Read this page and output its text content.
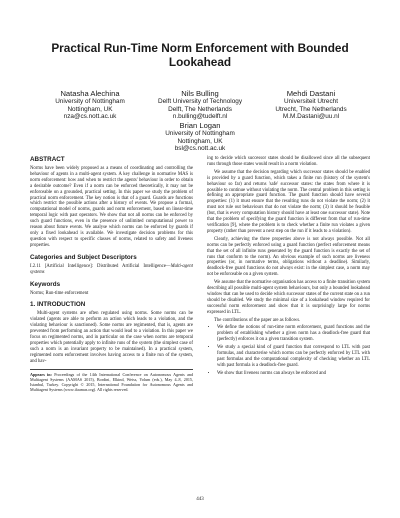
Practical Run-Time Norm Enforcement with Bounded Lookahead
Natasha Alechina
University of Nottingham
Nottingham, UK
nza@cs.nott.ac.uk
Nils Bulling
Delft University of Technology
Delft, The Netherlands
n.bulling@tudelft.nl
Mehdi Dastani
Universiteit Utrecht
Utrecht, The Netherlands
M.M.Dastani@uu.nl
Brian Logan
University of Nottingham
Nottingham, UK
bsl@cs.nott.ac.uk
ABSTRACT

Norms have been widely proposed as a means of coordinating and controlling the behaviour of agents in a multi-agent system. A key challenge in normative MAS is norm enforcement: how and when to restrict the agents' behaviour in order to obtain a desirable outcome? Even if a norm can be enforced theoretically, it may not be enforceable on a grounded, practical setting. In this paper we study the problem of practical norm enforcement. The key notion is that of a guard. Guards are functions which restrict the possible actions after a history of events. We propose a formal, computational model of norms, guards and norm enforcement, based on linear-time temporal logic with past operators. We show that not all norms can be enforced by such guard functions, even in the presence of unlimited computational power to reason about future events. We analyse which norms can be enforced by guards if only a fixed lookahead is available. We investigate decision problems for this question with respect to specific classes of norms, related to safety and liveness properties.

Categories and Subject Descriptors

I.2.11 [Artificial Intelligence]: Distributed Artificial Intelligence—Multi-agent systems

Keywords

Norms; Run-time enforcement

1. INTRODUCTION

Multi-agent systems are often regulated using norms. Some norms can be violated (agents are able to perform an action which leads to a violation, and the violating behaviour is sanctioned). Some norms are regimented, that is, agents are prevented from performing an action that would lead to a violation. In this paper we focus on regimented norms, and in particular on the case when norms are temporal properties which potentially apply to infinite runs of the system (the simplest case of such a norm is an invariant property to be maintained). In a practical system, regimented norm enforcement involves having access to a finite run of the system, and hav-

Appears in: Proceedings of the 14th International Conference on Autonomous Agents and Multiagent Systems (AAMAS 2015), Bordini, Elkind, Weiss, Yolum (eds.), May 4–8, 2015, Istanbul, Turkey. Copyright © 2015, International Foundation for Autonomous Agents and Multiagent Systems (www.ifaamas.org). All rights reserved.

ing to decide which successor states should be disallowed since all the subsequent runs through those states would result in a norm violation.

We assume that the decision regarding which successor states should be enabled is provided by a guard function, which takes a finite run (history of the system's behaviour so far) and returns 'safe' successor states: the states from where it is possible to continue without violating the norm. The central problem in this setting is defining an appropriate guard function. The guard function should have several properties: (1) it must ensure that the resulting runs do not violate the norm; (2) it must not rule out behaviours that do not violate the norm; (3) it should be feasible (but, that is every computation history should have at least one successor state). Note that the problem of specifying the guard function is different from that of run-time verification [9], where the problem is to check whether a finite run violates a given property (rather than prevent a next step on the run if it leads to a violation).

Clearly, achieving the three properties above is not always possible. Not all norms can be perfectly enforced using a guard function (perfect enforcement means that the set of all infinite runs generated by the guard function is exactly the set of runs that conform to the norm). An obvious example of such norms are liveness properties (or, in normative terms, obligations without a deadline). Similarly, deadlock-free guard functions do not always exist: in the simplest case, a norm may not be enforceable on a given system.

We assume that the normative organisation has access to a finite transition system describing all possible multi-agent system behaviours, but only a bounded lookahead window that can be used to decide which successor states of the current state on a run should be disabled. We study the minimal size of a lookahead window required for successful norm enforcement and show that it is surprisingly large for norms expressed in LTL.

The contributions of the paper are as follows.

• We define the notions of run-time norm enforcement, guard functions and the problem of establishing whether a given norm has a deadlock-free guard that (perfectly) enforces it on a given transition system.
• We study a special kind of guard function that correspond to LTL with past formulas, and characterise which norms can be perfectly enforced by LTL with past formulas and the computational complexity of checking whether an LTL with past formula is a deadlock-free guard.
• We show that liveness norms can always be enforced and
443
